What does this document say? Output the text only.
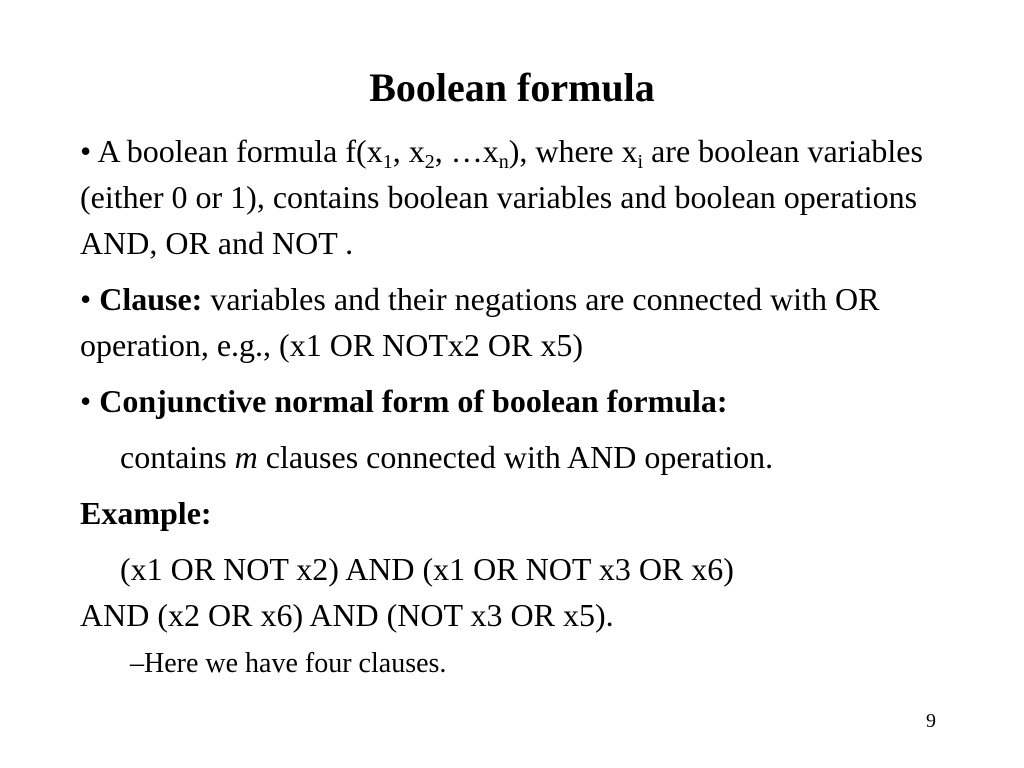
Boolean formula

• A boolean formula $f(x_1$, $x_2$, $\dots x_n$), where $x_i$ are boolean variables (either 0 or 1), contains boolean variables and boolean operations AND, OR and NOT .

• Clause: variables and their negations are connected with OR operation, e.g., (x1 OR NOTx2 OR x5)

• Conjunctive normal form of boolean formula:

contains m clauses connected with AND operation.

Example:

(x1 OR NOT x2) AND (x1 OR NOT x3 OR x6)

AND (x2 OR x6) AND (NOT x3 OR x5).

–Here we have four clauses.

9
